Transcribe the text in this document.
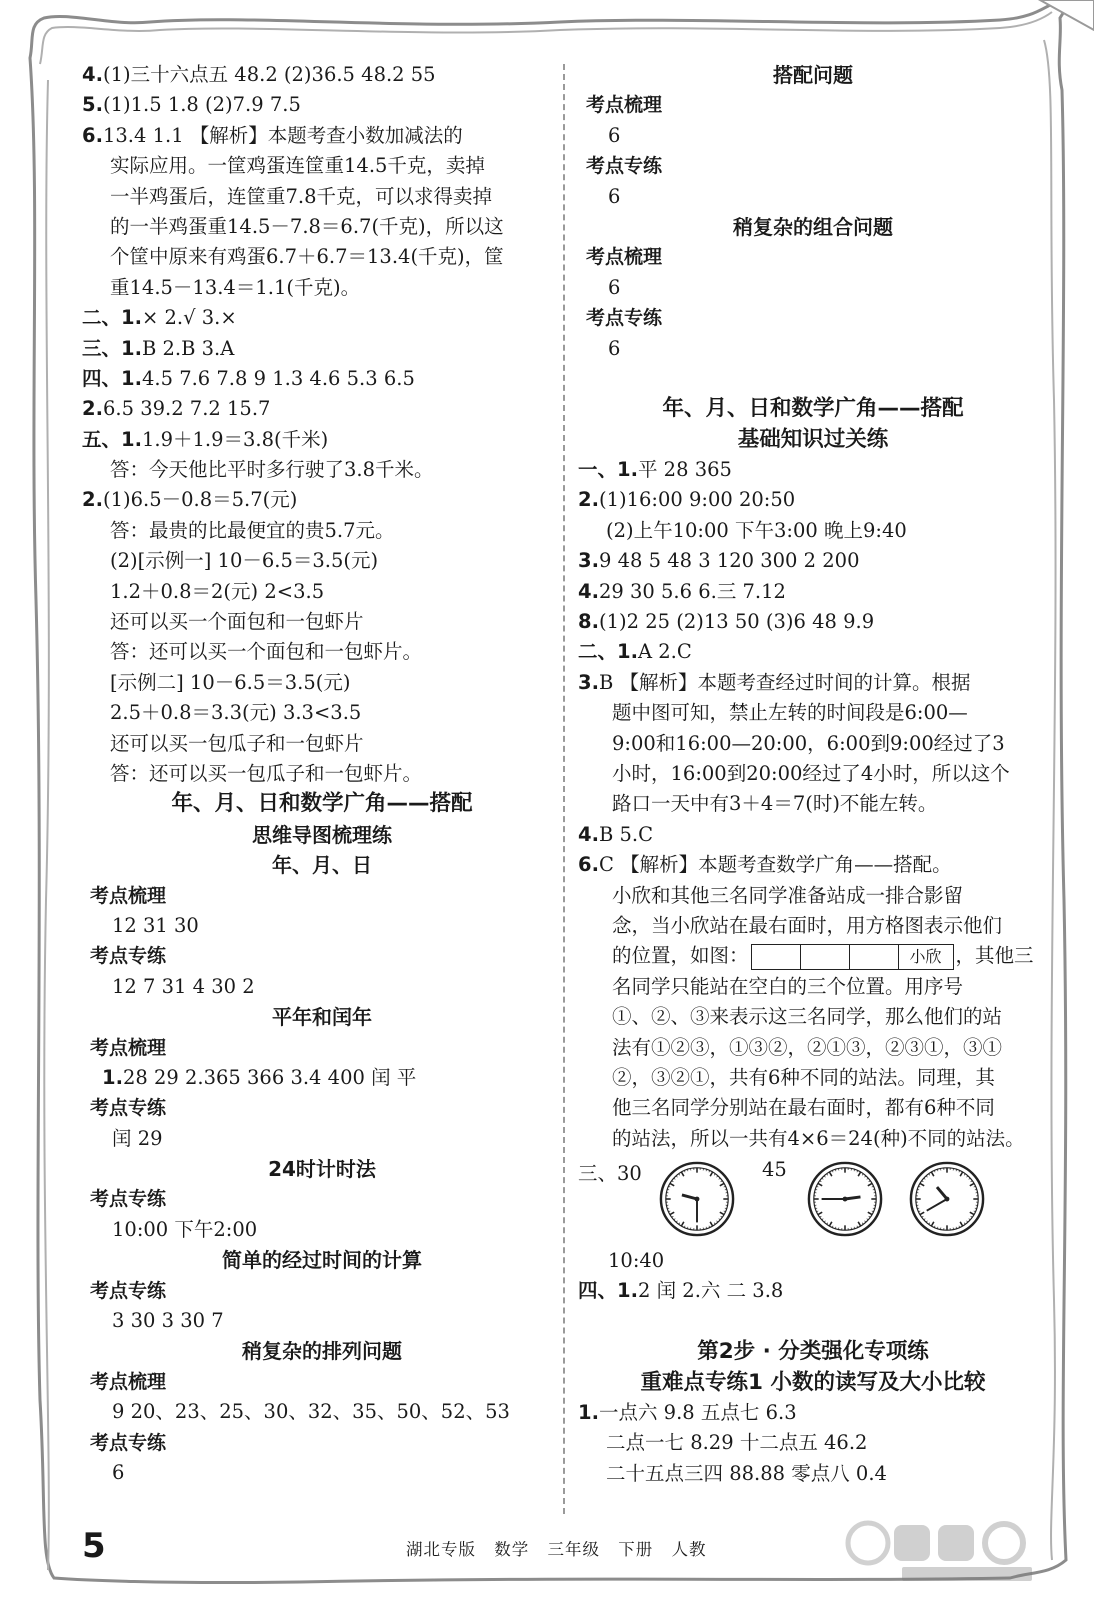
4.(1)三十六点五 48.2 (2)36.5 48.2 55
5.(1)1.5 1.8 (2)7.9 7.5
6.13.4 1.1 【解析】本题考查小数加减法的
实际应用。一筐鸡蛋连筐重14.5千克，卖掉
一半鸡蛋后，连筐重7.8千克，可以求得卖掉
的一半鸡蛋重14.5－7.8＝6.7(千克)，所以这
个筐中原来有鸡蛋6.7＋6.7＝13.4(千克)，筐
重14.5－13.4＝1.1(千克)。
二、1.× 2.√ 3.×
三、1.B 2.B 3.A
四、1.4.5 7.6 7.8 9 1.3 4.6 5.3 6.5
2.6.5 39.2 7.2 15.7
五、1.1.9＋1.9＝3.8(千米)
答：今天他比平时多行驶了3.8千米。
2.(1)6.5－0.8＝5.7(元)
答：最贵的比最便宜的贵5.7元。
(2)[示例一] 10－6.5＝3.5(元)
1.2＋0.8＝2(元) 2<3.5
还可以买一个面包和一包虾片
答：还可以买一个面包和一包虾片。
[示例二] 10－6.5＝3.5(元)
2.5＋0.8＝3.3(元) 3.3<3.5
还可以买一包瓜子和一包虾片
答：还可以买一包瓜子和一包虾片。
年、月、日和数学广角——搭配
思维导图梳理练
年、月、日
考点梳理
12 31 30
考点专练
12 7 31 4 30 2
平年和闰年
考点梳理
1.28 29 2.365 366 3.4 400 闰 平
考点专练
闰 29
24时计时法
考点专练
10:00 下午2:00
简单的经过时间的计算
考点专练
3 30 3 30 7
稍复杂的排列问题
考点梳理
9 20、23、25、30、32、35、50、52、53
考点专练
6
搭配问题
考点梳理
6
考点专练
6
稍复杂的组合问题
考点梳理
6
考点专练
6
年、月、日和数学广角——搭配
基础知识过关练
一、1.平 28 365
2.(1)16:00 9:00 20:50
(2)上午10:00 下午3:00 晚上9:40
3.9 48 5 48 3 120 300 2 200
4.29 30 5.6 6.三 7.12
8.(1)2 25 (2)13 50 (3)6 48 9.9
二、1.A 2.C
3.B 【解析】本题考查经过时间的计算。根据
题中图可知，禁止左转的时间段是6:00—
9:00和16:00—20:00，6:00到9:00经过了3
小时，16:00到20:00经过了4小时，所以这个
路口一天中有3＋4＝7(时)不能左转。
4.B 5.C
6.C 【解析】本题考查数学广角——搭配。
小欣和其他三名同学准备站成一排合影留
念，当小欣站在最右面时，用方格图表示他们
的位置，如图：	小欣 ，其他三
名同学只能站在空白的三个位置。用序号
①、②、③来表示这三名同学，那么他们的站
法有①②③，①③②，②①③，②③①，③①
②，③②①，共有6种不同的站法。同理，其
他三名同学分别站在最右面时，都有6种不同
的站法，所以一共有4×6＝24(种)不同的站法。
三、30	45
10:40
四、1.2 闰 2.六 二 3.8
第2步 · 分类强化专项练
重难点专练1 小数的读写及大小比较
1.一点六 9.8 五点七 6.3
二点一七 8.29 十二点五 46.2
二十五点三四 88.88 零点八 0.4
5	湖北专版 数学 三年级 下册 人教
